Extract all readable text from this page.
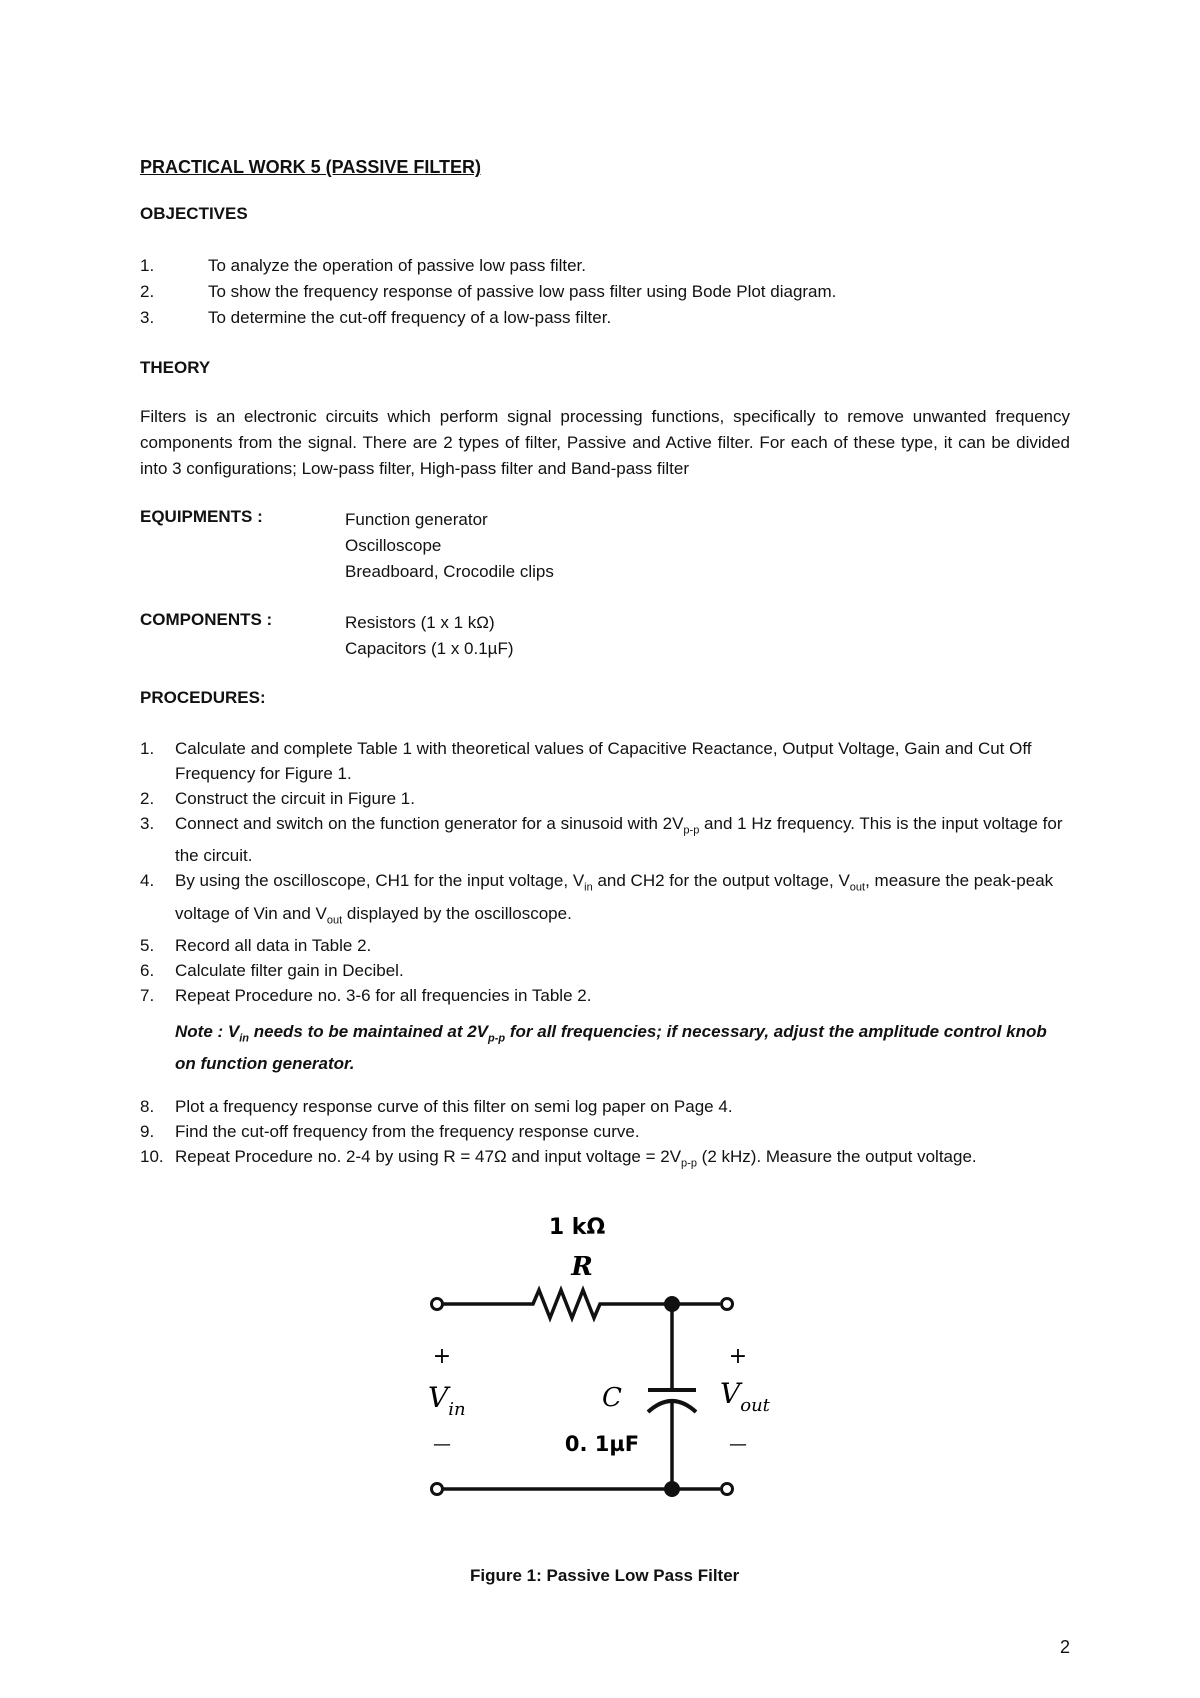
PRACTICAL WORK 5 (PASSIVE FILTER)
OBJECTIVES
1.	To analyze the operation of passive low pass filter.
2.	To show the frequency response of passive low pass filter using Bode Plot diagram.
3.	To determine the cut-off frequency of a low-pass filter.
THEORY
Filters is an electronic circuits which perform signal processing functions, specifically to remove unwanted frequency components from the signal. There are 2 types of filter, Passive and Active filter. For each of these type, it can be divided into 3 configurations; Low-pass filter, High-pass filter and Band-pass filter
EQUIPMENTS :	Function generator
Oscilloscope
Breadboard, Crocodile clips
COMPONENTS :	Resistors (1 x 1 kΩ)
Capacitors (1 x 0.1µF)
PROCEDURES:
1. Calculate and complete Table 1 with theoretical values of Capacitive Reactance, Output Voltage, Gain and Cut Off Frequency for Figure 1.
2. Construct the circuit in Figure 1.
3. Connect and switch on the function generator for a sinusoid with $2V_{p-p}$ and 1 Hz frequency. This is the input voltage for the circuit.
4. By using the oscilloscope, CH1 for the input voltage, $V_{in}$ and CH2 for the output voltage, $V_{out}$, measure the peak-peak voltage of Vin and $V_{out}$ displayed by the oscilloscope.
5. Record all data in Table 2.
6. Calculate filter gain in Decibel.
7. Repeat Procedure no. 3-6 for all frequencies in Table 2.
Note : $V_{in}$ needs to be maintained at $2V_{p-p}$ for all frequencies; if necessary, adjust the amplitude control knob on function generator.
8. Plot a frequency response curve of this filter on semi log paper on Page 4.
9. Find the cut-off frequency from the frequency response curve.
10. Repeat Procedure no. 2-4 by using R = 47Ω and input voltage = $2V_{p-p}$ (2 kHz). Measure the output voltage.
1 kΩ
R
C
0. 1µF
+
$V_{in}$
—
+
$V_{out}$
—
Figure 1: Passive Low Pass Filter
2
